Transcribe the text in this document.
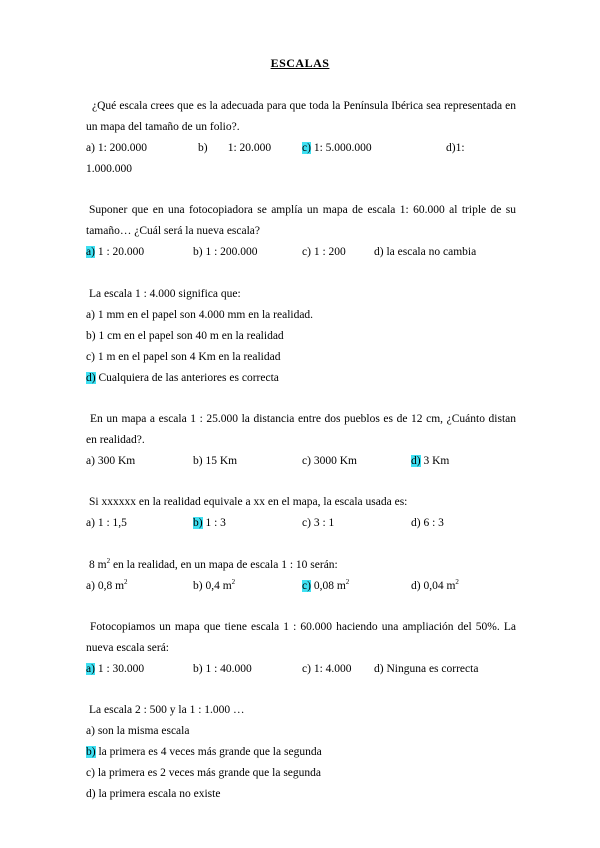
ESCALAS
¿Qué escala crees que es la adecuada para que toda la Península Ibérica sea representada en un mapa del tamaño de un folio?.
a) 1: 200.000	b) 1: 20.000	c) 1: 5.000.000	d)1:
1.000.000
Suponer que en una fotocopiadora se amplía un mapa de escala 1: 60.000 al triple de su tamaño… ¿Cuál será la nueva escala?
a) 1 : 20.000	b) 1 : 200.000	c) 1 : 200 d) la escala no cambia
La escala 1 : 4.000 significa que:
a) 1 mm en el papel son 4.000 mm en la realidad.
b) 1 cm en el papel son 40 m en la realidad
c) 1 m en el papel son 4 Km en la realidad
d) Cualquiera de las anteriores es correcta
En un mapa a escala 1 : 25.000 la distancia entre dos pueblos es de 12 cm, ¿Cuánto distan en realidad?.
a) 300 Km	b) 15 Km	c) 3000 Km	d) 3 Km
Si xxxxxx en la realidad equivale a xx en el mapa, la escala usada es:
a) 1 : 1,5	b) 1 : 3	c) 3 : 1	d) 6 : 3
8 $m^2$ en la realidad, en un mapa de escala 1 : 10 serán:
a) 0,8 $m^2$	b) 0,4 $m^2$	c) 0,08 $m^2$	d) 0,04 $m^2$
Fotocopiamos un mapa que tiene escala 1 : 60.000 haciendo una ampliación del 50%. La nueva escala será:
a) 1 : 30.000	b) 1 : 40.000	c) 1: 4.000 d) Ninguna es correcta
La escala 2 : 500 y la 1 : 1.000 …
a) son la misma escala
b) la primera es 4 veces más grande que la segunda
c) la primera es 2 veces más grande que la segunda
d) la primera escala no existe
